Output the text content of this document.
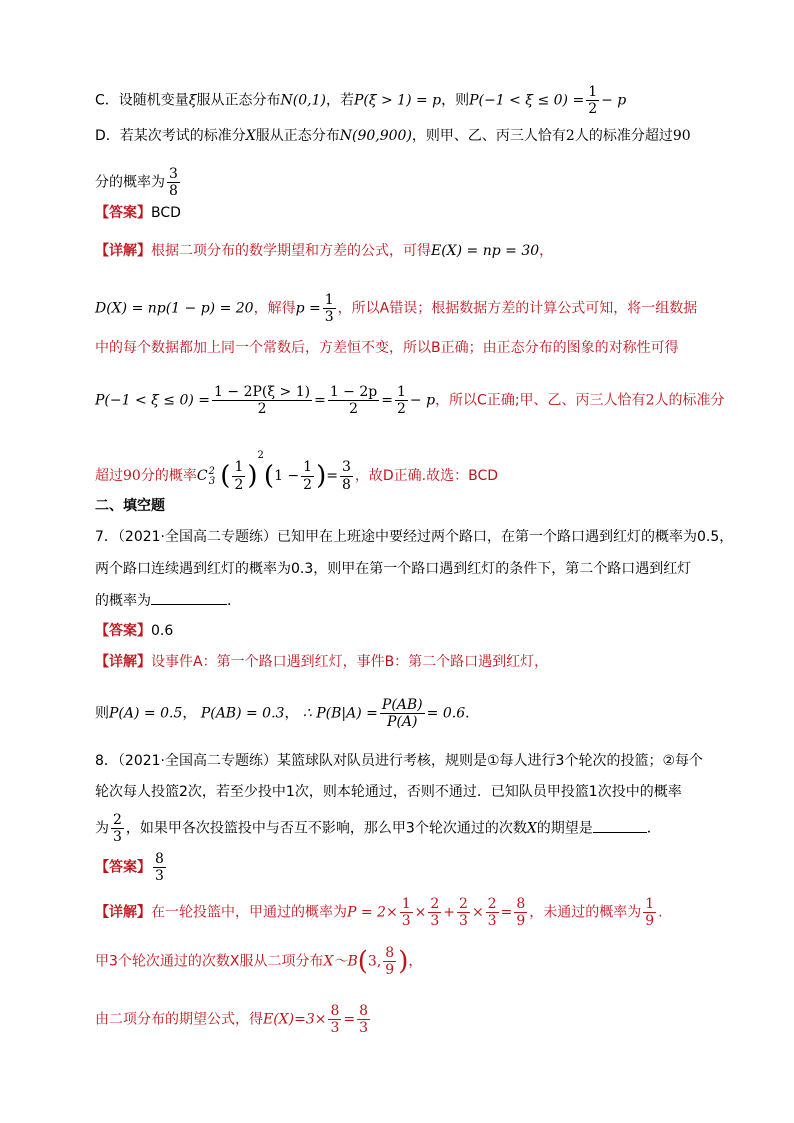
C．设随机变量ξ服从正态分布N(0,1)，若P(ξ > 1) = p，则$P(-1 < \xi \le 0) = \frac{1}{2} - p$
D．若某次考试的标准分X服从正态分布N(90,900)，则甲、乙、丙三人恰有2人的标准分超过90
分的概率为 $\frac{3}{8}$
【答案】BCD
【详解】根据二项分布的数学期望和方差的公式，可得E(X) = np = 30，
D(X) = np(1 − p) = 20，解得$p = \frac{1}{3}$ ，所以A错误；根据数据方差的计算公式可知，将一组数据
中的每个数据都加上同一个常数后，方差恒不变，所以B正确；由正态分布的图象的对称性可得
$P(-1 < \xi \le 0) = \frac{1 - 2P(\xi > 1)}{2} = \frac{1 - 2p}{2} = \frac{1}{2} - p$，所以C正确;甲、乙、丙三人恰有2人的标准分
超过90分的概率$C^2_3$ ( $\frac{1}{2} )^2(1 - \frac{1}{2}$ )= $\frac{3}{8}$ ，故D正确.故选：BCD
二、填空题
7．（2021·全国高二专题练）已知甲在上班途中要经过两个路口，在第一个路口遇到红灯的概率为0.5，
两个路口连续遇到红灯的概率为0.3，则甲在第一个路口遇到红灯的条件下，第二个路口遇到红灯
的概率为	．
【答案】0.6
【详解】设事件A：第一个路口遇到红灯，事件B：第二个路口遇到红灯，
则P(A) = 0.5， P(AB) = 0.3， ∴ $P(B|A) = \frac{P(AB)}{P(A)} = 0.6$．
8．（2021·全国高二专题练）某篮球队对队员进行考核，规则是①每人进行3个轮次的投篮；②每个
轮次每人投篮2次，若至少投中1次，则本轮通过，否则不通过．已知队员甲投篮1次投中的概率
为 $\frac{2}{3}$ ，如果甲各次投篮投中与否互不影响，那么甲3个轮次通过的次数X的期望是	．
【答案】 $\frac{8}{3}$
【详解】在一轮投篮中，甲通过的概率为$P = 2\times \frac{1}{3} \times \frac{2}{3} + \frac{2}{3} \times \frac{2}{3} = \frac{8}{9}$ ，未通过的概率为 $\frac{1}{9}$ .
甲3个轮次通过的次数X服从二项分布X～B(3, $\frac{8}{9}$ )，
由二项分布的期望公式，得$E(X)=3\times \frac{8}{3} = \frac{8}{3}$
